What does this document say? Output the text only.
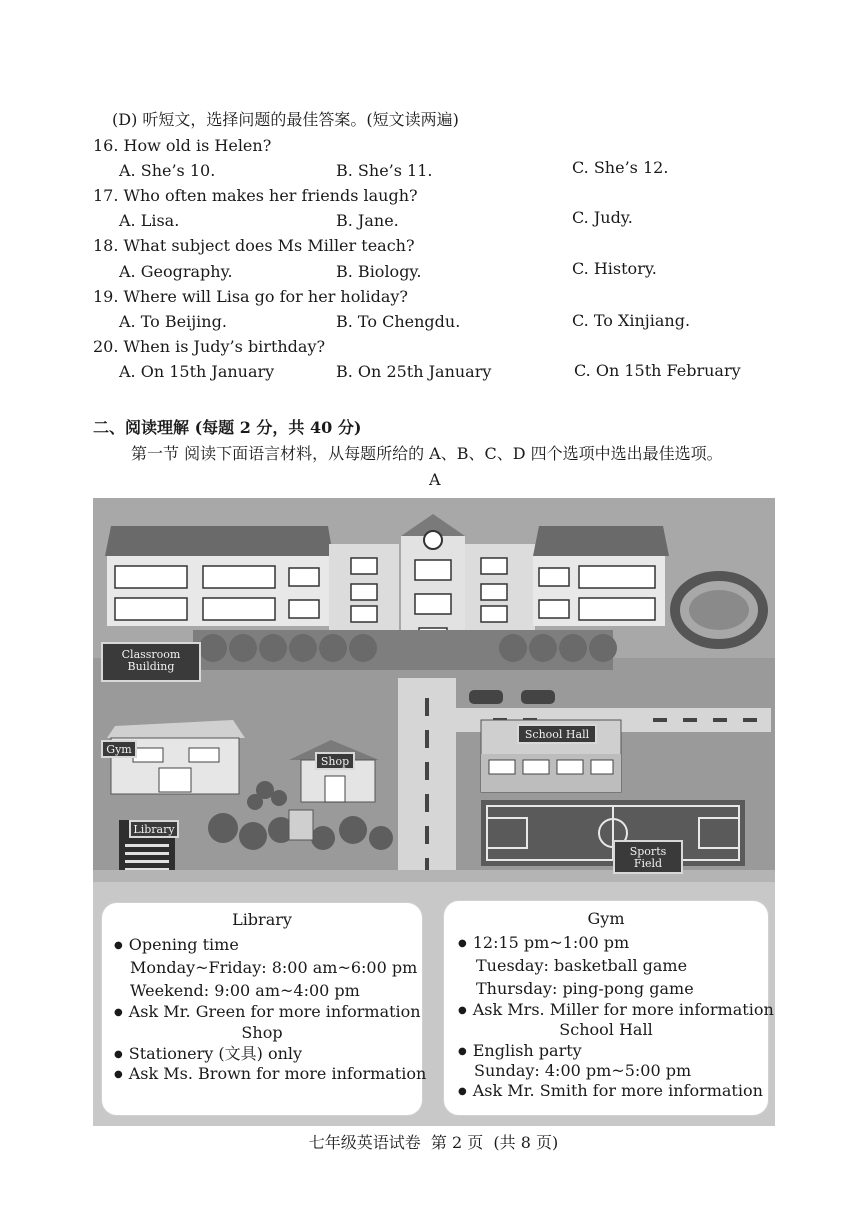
(D) 听短文，选择问题的最佳答案。(短文读两遍)
16. How old is Helen?
A. She’s 10.	B. She’s 11.	C. She’s 12.
17. Who often makes her friends laugh?
A. Lisa.	B. Jane.	C. Judy.
18. What subject does Ms Miller teach?
A. Geography.	B. Biology.	C. History.
19. Where will Lisa go for her holiday?
A. To Beijing.	B. To Chengdu.	C. To Xinjiang.
20. When is Judy’s birthday?
A. On 15th January	B. On 25th January	C. On 15th February
二、阅读理解 (每题 2 分，共 40 分)
第一节 阅读下面语言材料，从每题所给的 A、B、C、D 四个选项中选出最佳选项。
A
Classroom Building
Gym
Shop
Library
School Hall
Sports Field
Library
● Opening time
Monday~Friday: 8:00 am~6:00 pm
Weekend: 9:00 am~4:00 pm
● Ask Mr. Green for more information
Shop
● Stationery (文具) only
● Ask Ms. Brown for more information
Gym
● 12:15 pm~1:00 pm
Tuesday: basketball game
Thursday: ping-pong game
● Ask Mrs. Miller for more information
School Hall
● English party
Sunday: 4:00 pm~5:00 pm
● Ask Mr. Smith for more information
七年级英语试卷  第 2 页  (共 8 页)
